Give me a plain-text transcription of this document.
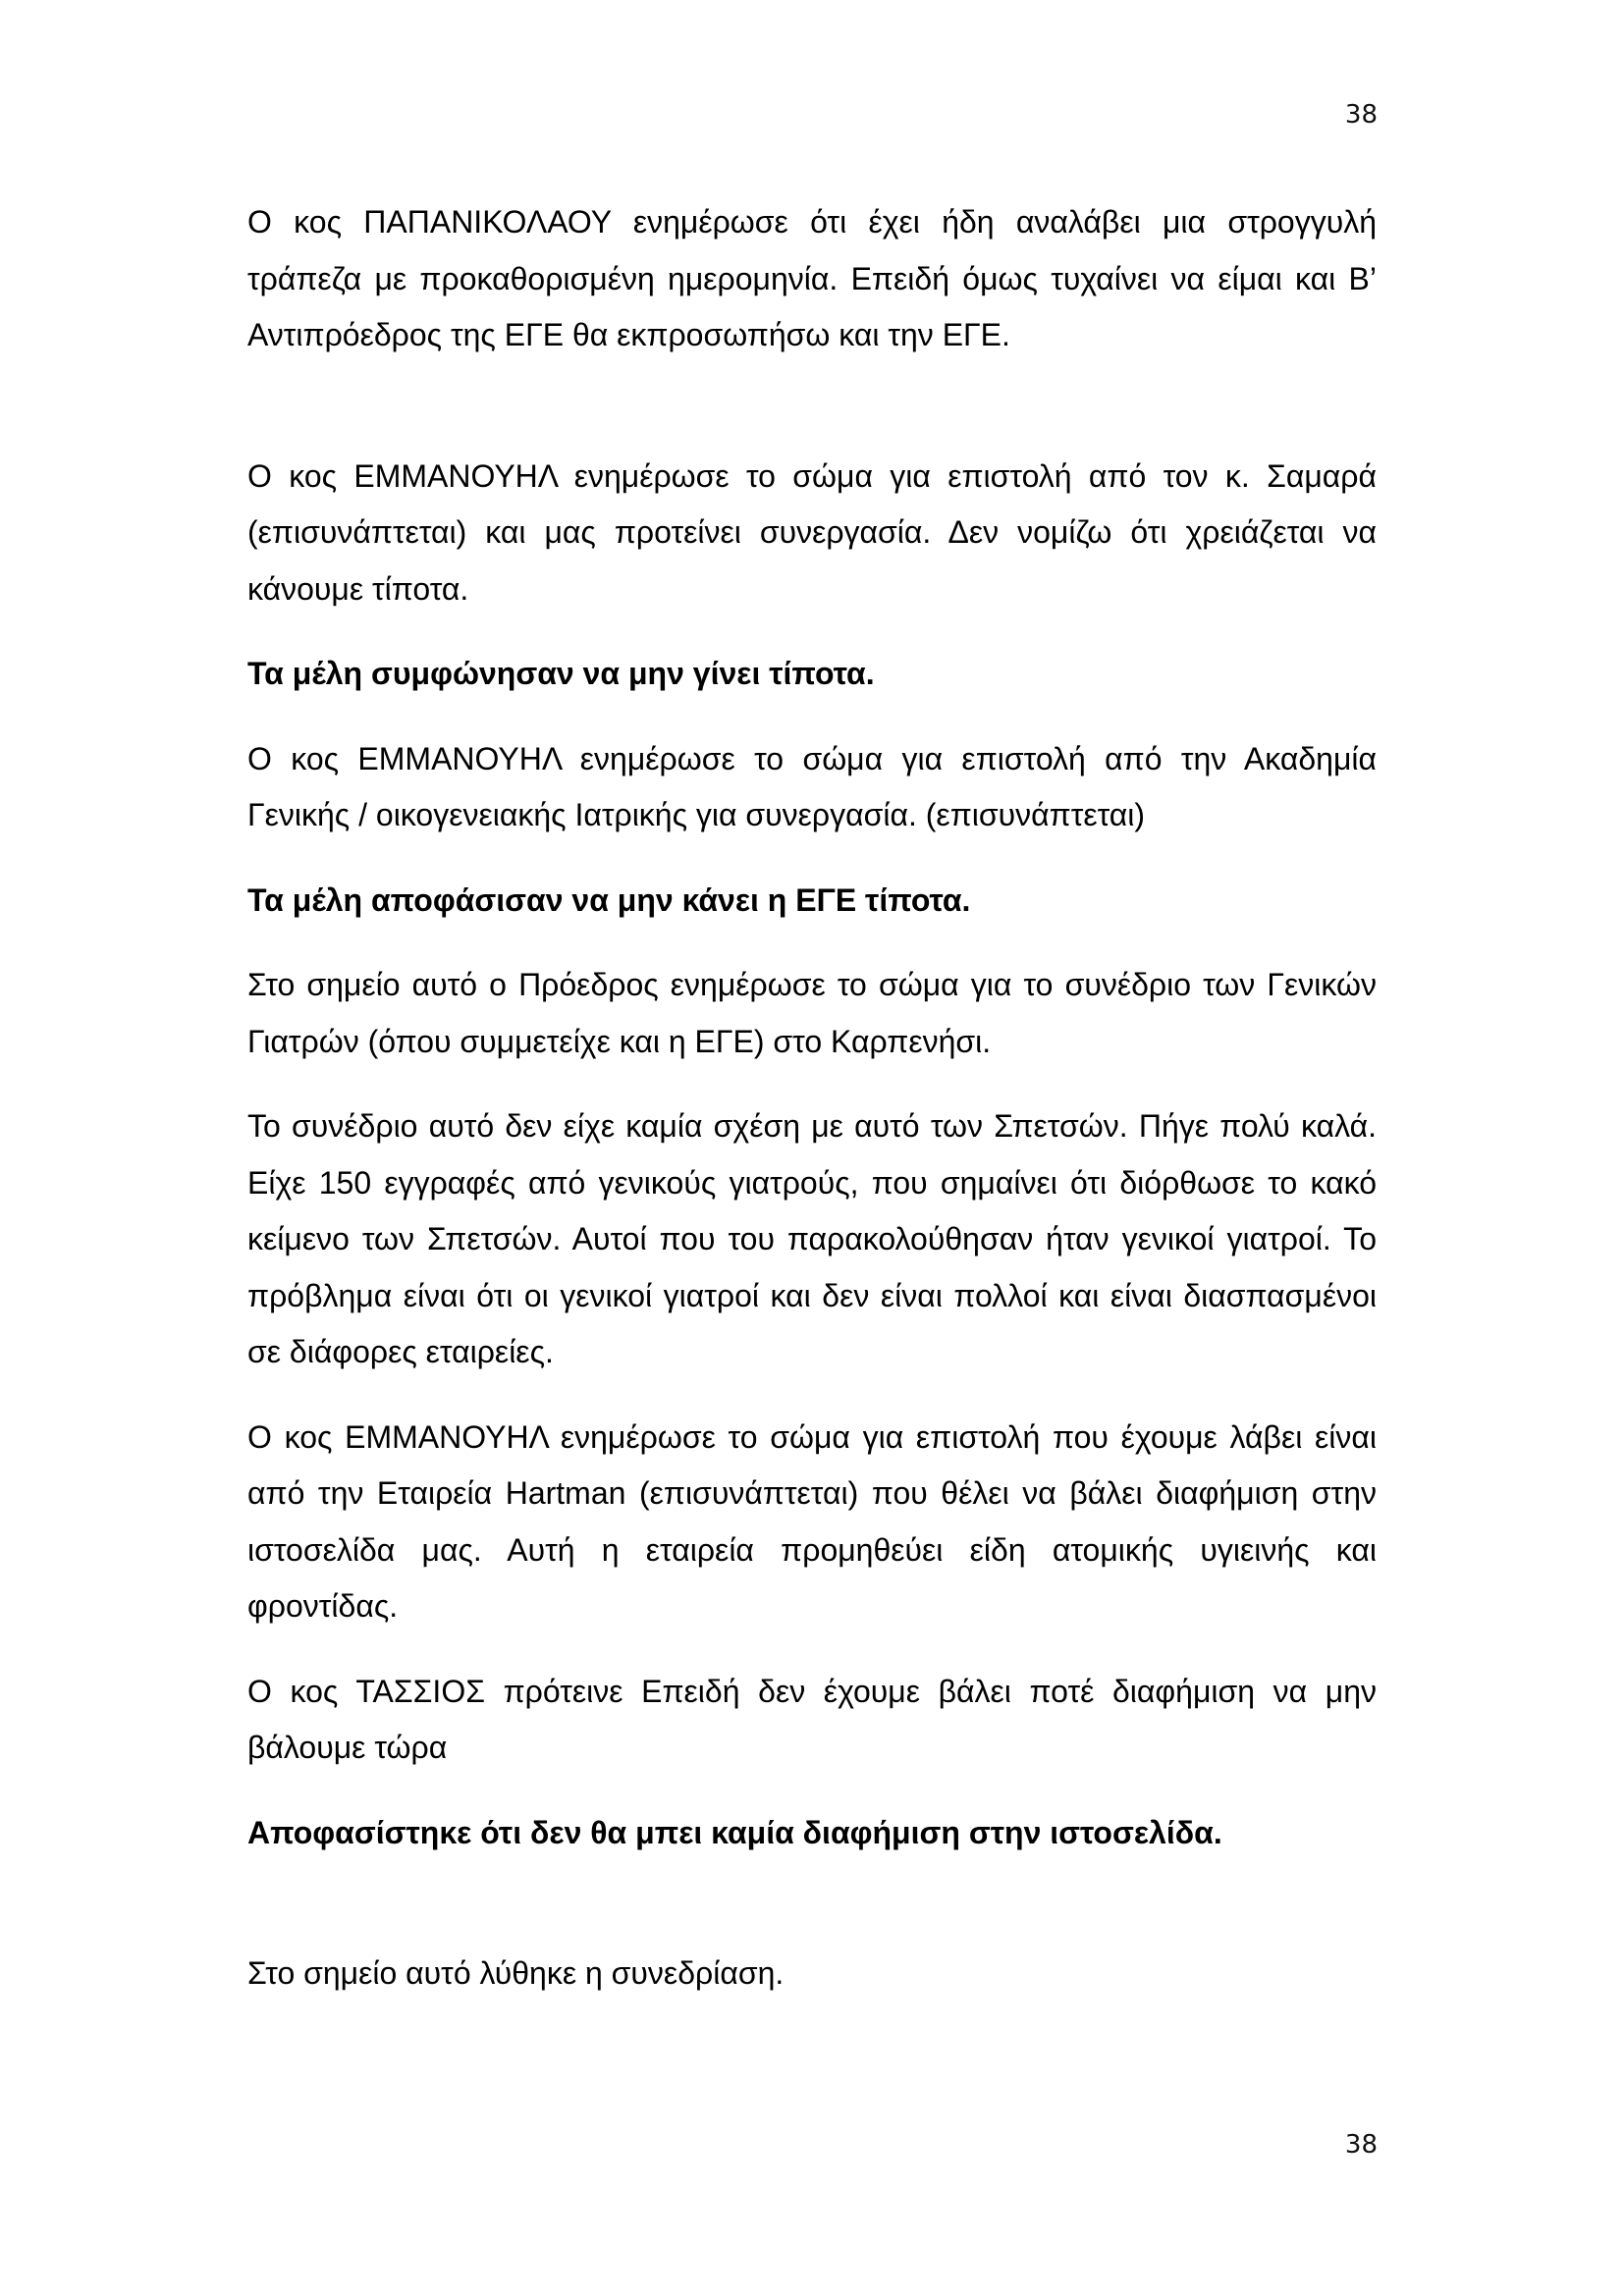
38
Ο κος ΠΑΠΑΝΙΚΟΛΑΟΥ ενημέρωσε ότι έχει ήδη αναλάβει μια στρογγυλή
τράπεζα με προκαθορισμένη ημερομηνία. Επειδή όμως τυχαίνει να είμαι και Β’
Αντιπρόεδρος της ΕΓΕ θα εκπροσωπήσω και την ΕΓΕ.
Ο κος ΕΜΜΑΝΟΥΗΛ ενημέρωσε το σώμα για επιστολή από τον κ. Σαμαρά
(επισυνάπτεται) και μας προτείνει συνεργασία. Δεν νομίζω ότι χρειάζεται να
κάνουμε τίποτα.
Τα μέλη συμφώνησαν να μην γίνει τίποτα.
Ο κος ΕΜΜΑΝΟΥΗΛ ενημέρωσε το σώμα για επιστολή από την Ακαδημία
Γενικής / οικογενειακής Ιατρικής για συνεργασία. (επισυνάπτεται)
Τα μέλη αποφάσισαν να μην κάνει η ΕΓΕ τίποτα.
Στο σημείο αυτό ο Πρόεδρος ενημέρωσε το σώμα για το συνέδριο των Γενικών
Γιατρών (όπου συμμετείχε και η ΕΓΕ) στο Καρπενήσι.
Το συνέδριο αυτό δεν είχε καμία σχέση με αυτό των Σπετσών. Πήγε πολύ καλά.
Είχε 150 εγγραφές από γενικούς γιατρούς, που σημαίνει ότι διόρθωσε το κακό
κείμενο των Σπετσών. Αυτοί που του παρακολούθησαν ήταν γενικοί γιατροί. Το
πρόβλημα είναι ότι οι γενικοί γιατροί και δεν είναι πολλοί και είναι διασπασμένοι
σε διάφορες εταιρείες.
Ο κος ΕΜΜΑΝΟΥΗΛ ενημέρωσε το σώμα για επιστολή που έχουμε λάβει είναι
από την Εταιρεία Hartman (επισυνάπτεται) που θέλει να βάλει διαφήμιση στην
ιστοσελίδα μας. Αυτή η εταιρεία προμηθεύει είδη ατομικής υγιεινής και
φροντίδας.
Ο κος ΤΑΣΣΙΟΣ πρότεινε Επειδή δεν έχουμε βάλει ποτέ διαφήμιση να μην
βάλουμε τώρα
Αποφασίστηκε ότι δεν θα μπει καμία διαφήμιση στην ιστοσελίδα.
Στο σημείο αυτό λύθηκε η συνεδρίαση.
38
